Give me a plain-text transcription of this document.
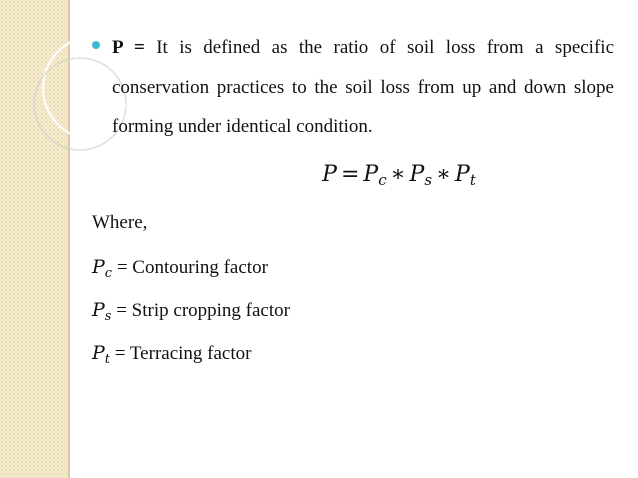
P = It is defined as the ratio of soil loss from a specific conservation practices to the soil loss from up and down slope forming under identical condition.

$P = P_c$ ∗ $P_s$ ∗ $P_t$
Where,
$P_c$ = Contouring factor
$P_s$ = Strip cropping factor
$P_t$ = Terracing factor
